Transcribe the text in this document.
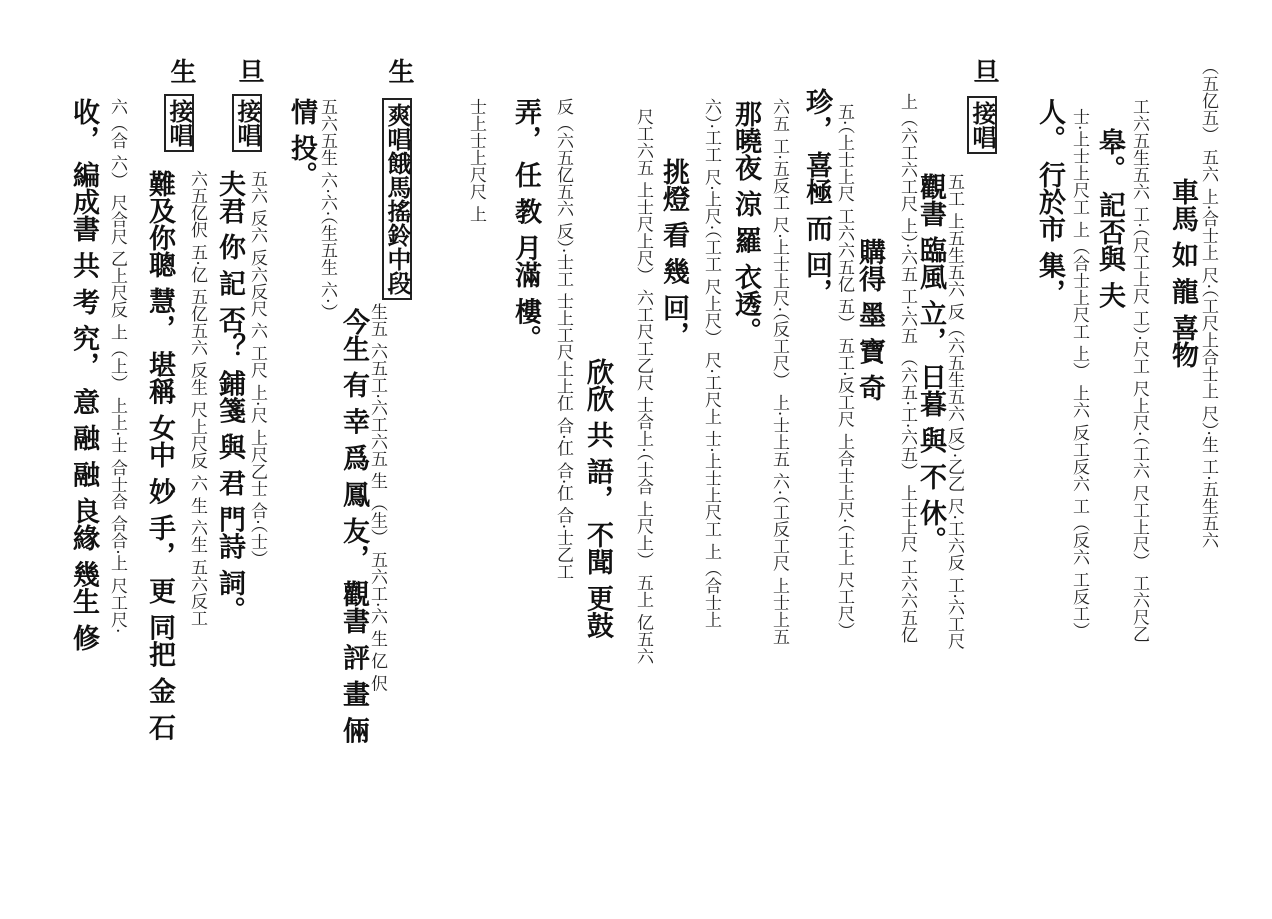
（五亿五） 五六 上·合士上 尺·（工尺上合士上 尺）·生 工·五生五六
車馬 如 龍 喜物
工六五生五六 工·（尺工上尺 工）·尺工 尺上尺·（工六 尺工上尺） 工六尺乙
皋。 記否與 夫
士·上士上尺工 上（合士上尺工 上） 上六 反工反六 工（反六 工反工）
人。 行於市 集，
旦
接唱
五工 上五生五六 反（六五生五六 反）·乙乙 尺·工六反 工·六工尺
觀書 臨風 立， 日暮 與 不 休。
上（六工六工尺 上）·六五 工·六五 （六五·工·六五） 上士上尺 工六六五亿
購得 墨 寶 奇
五·（上士上尺 工六六五亿 五） 五工·反工尺 上合士上尺·（士上 尺工尺）
珍， 喜極 而 回，
六五 工·五反工 尺·上士上尺·（反工尺） 上·士上五 六·（工反工尺 上士上五
那曉夜 涼 羅 衣透。
六）·工工 尺·上尺·（工工 尺上尺） 尺·工尺上 士·上士上尺工 上（合士上
挑燈 看 幾 回，
尺工六五 上士尺上尺） 六工尺工乙尺 士合上·（士合 上尺上） 五上 亿五六
欣欣 共 語， 不聞 更鼓
反（六五亿五六 反）·士工 士上工尺上上仜 合·仜 合·仜 合·士乙工
弄， 任 教 月滿 樓。
士上士上尺尺 上
生
爽唱餓馬搖鈴中段
生五 六五工·六工六五 生 （生） 五六工·六 生 亿 伬
今生 有 幸 爲 鳳 友， 觀書 評 畫 倆
五六五生 六·六·（生五生 六·）
情 投。
旦
接唱
五六 反六 反六反尺 六 工尺 上·尺 上尺乙士 合·（士）
夫君 你 記 否？ 鋪箋 與 君 門詩 詞。
生
接唱
六五亿伬 五·亿 五亿五六 反生 尺上尺反 六 生 六生 五六反工
難及你聰 慧， 堪稱 女中 妙 手， 更 同把 金 石
六（合 六） 尺合尺 乙上尺反 上（上） 上上·士 合士合 合合·上 尺工尺·
收， 編成書 共 考 究， 意 融 融 良緣 幾生 修
